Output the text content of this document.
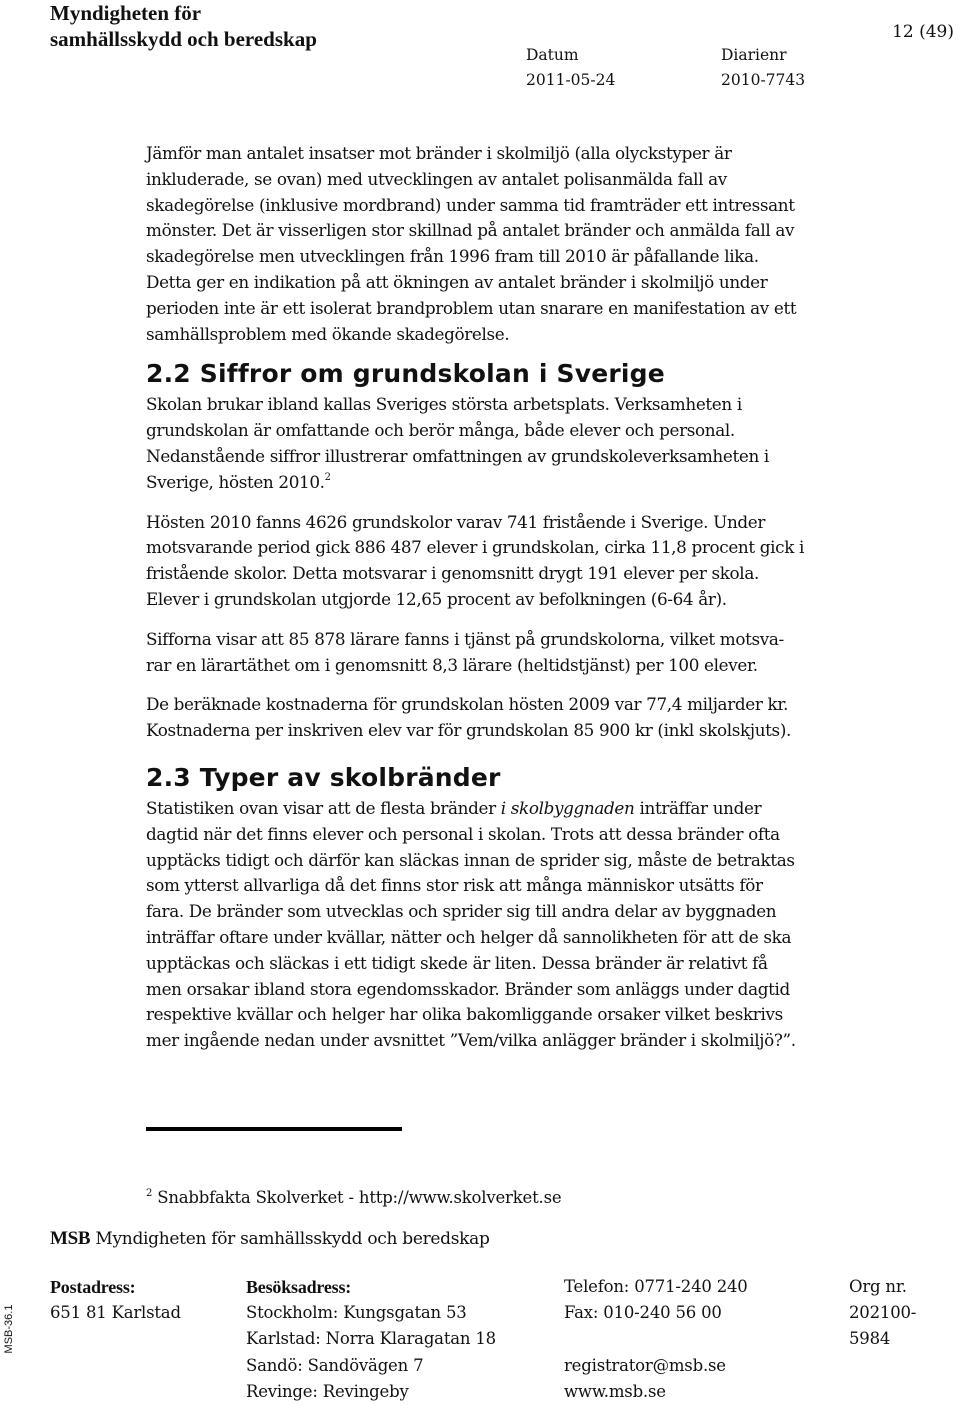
Myndigheten för
samhällsskydd och beredskap	12 (49)
Datum
2011-05-24
Diarienr
2010-7743

Jämför man antalet insatser mot bränder i skolmiljö (alla olyckstyper är
inkluderade, se ovan) med utvecklingen av antalet polisanmälda fall av
skadegörelse (inklusive mordbrand) under samma tid framträder ett intressant
mönster. Det är visserligen stor skillnad på antalet bränder och anmälda fall av
skadegörelse men utvecklingen från 1996 fram till 2010 är påfallande lika.
Detta ger en indikation på att ökningen av antalet bränder i skolmiljö under
perioden inte är ett isolerat brandproblem utan snarare en manifestation av ett
samhällsproblem med ökande skadegörelse.

2.2 Siffror om grundskolan i Sverige

Skolan brukar ibland kallas Sveriges största arbetsplats. Verksamheten i
grundskolan är omfattande och berör många, både elever och personal.
Nedanstående siffror illustrerar omfattningen av grundskoleverksamheten i
Sverige, hösten 2010.$^2$

Hösten 2010 fanns 4626 grundskolor varav 741 fristående i Sverige. Under
motsvarande period gick 886 487 elever i grundskolan, cirka 11,8 procent gick i
fristående skolor. Detta motsvarar i genomsnitt drygt 191 elever per skola.
Elever i grundskolan utgjorde 12,65 procent av befolkningen (6-64 år).

Sifforna visar att 85 878 lärare fanns i tjänst på grundskolorna, vilket motsva-
rar en lärartäthet om i genomsnitt 8,3 lärare (heltidstjänst) per 100 elever.

De beräknade kostnaderna för grundskolan hösten 2009 var 77,4 miljarder kr.
Kostnaderna per inskriven elev var för grundskolan 85 900 kr (inkl skolskjuts).

2.3 Typer av skolbränder

Statistiken ovan visar att de flesta bränder i skolbyggnaden inträffar under
dagtid när det finns elever och personal i skolan. Trots att dessa bränder ofta
upptäcks tidigt och därför kan släckas innan de sprider sig, måste de betraktas
som ytterst allvarliga då det finns stor risk att många människor utsätts för
fara. De bränder som utvecklas och sprider sig till andra delar av byggnaden
inträffar oftare under kvällar, nätter och helger då sannolikheten för att de ska
upptäckas och släckas i ett tidigt skede är liten. Dessa bränder är relativt få
men orsakar ibland stora egendomsskador. Bränder som anläggs under dagtid
respektive kvällar och helger har olika bakomliggande orsaker vilket beskrivs
mer ingående nedan under avsnittet ”Vem/vilka anlägger bränder i skolmiljö?”.

$^2$ Snabbfakta Skolverket - http://www.skolverket.se
MSB Myndigheten för samhällsskydd och beredskap
Postadress:
651 81 Karlstad
Besöksadress:
Stockholm: Kungsgatan 53
Karlstad: Norra Klaragatan 18
Sandö: Sandövägen 7
Revinge: Revingeby
Telefon: 0771-240 240
Fax: 010-240 56 00

registrator@msb.se
www.msb.se
Org nr.
202100-
5984
MSB-36.1
